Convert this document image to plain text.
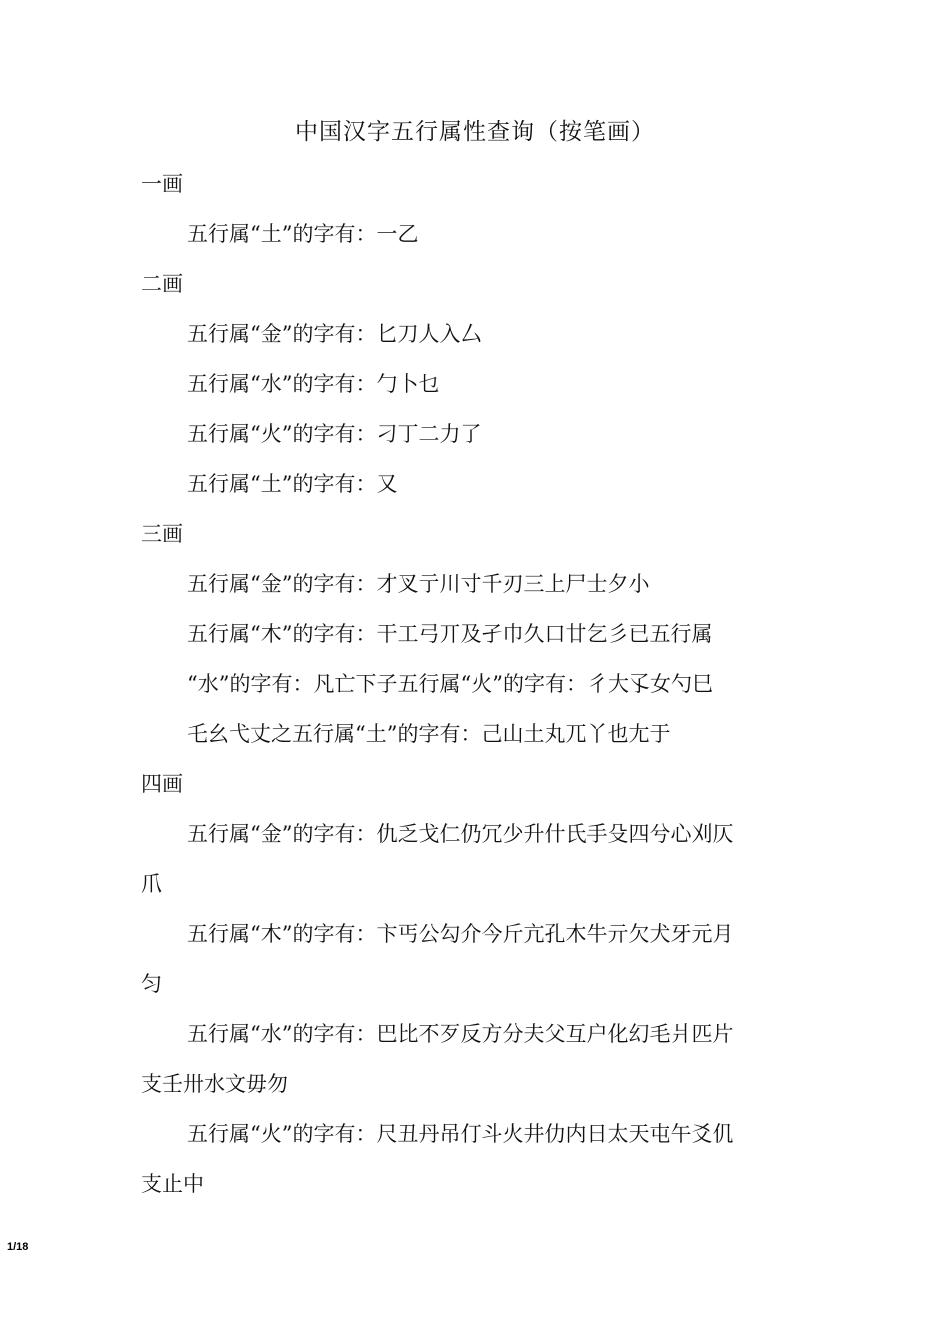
中国汉字五行属性查询（按笔画）
一画
五行属“土”的字有：一乙
二画
五行属“金”的字有：匕刀人入厶
五行属“水”的字有：勹卜乜
五行属“火”的字有：刁丁二力了
五行属“土”的字有：又
三画
五行属“金”的字有：才叉亍川寸千刃三上尸士夕小
五行属“木”的字有：干工弓丌及孑巾久口廿乞彡已五行属
“水”的字有：凡亡下子五行属“火”的字有：彳大孓女勺巳
乇幺弋丈之五行属“土”的字有：己山土丸兀丫也尢于
四画
五行属“金”的字有：仇乏戈仁仍冗少升什氏手殳四兮心刈仄
爪
五行属“木”的字有：卞丐公勾介今斤亢孔木牛亓欠犬牙元月
匀
五行属“水”的字有：巴比不歹反方分夫父互户化幻毛爿匹片
支壬卅水文毋勿
五行属“火”的字有：尺丑丹吊仃斗火井仂内日太天屯午爻仉
支止中
1/18
